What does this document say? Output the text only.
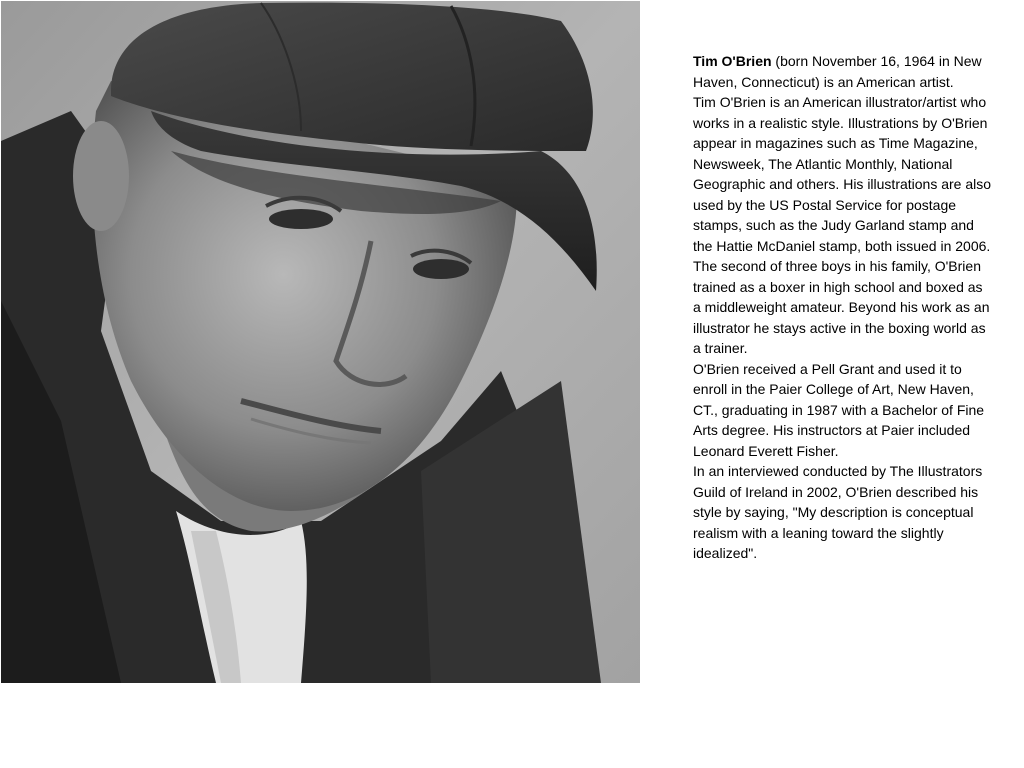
Tim O'Brien (born November 16, 1964 in New Haven, Connecticut) is an American artist.

Tim O'Brien is an American illustrator/artist who works in a realistic style. Illustrations by O'Brien appear in magazines such as Time Magazine, Newsweek, The Atlantic Monthly, National Geographic and others. His illustrations are also used by the US Postal Service for postage stamps, such as the Judy Garland stamp and the Hattie McDaniel stamp, both issued in 2006.

The second of three boys in his family, O'Brien trained as a boxer in high school and boxed as a middleweight amateur. Beyond his work as an illustrator he stays active in the boxing world as a trainer.

O'Brien received a Pell Grant and used it to enroll in the Paier College of Art, New Haven, CT., graduating in 1987 with a Bachelor of Fine Arts degree. His instructors at Paier included Leonard Everett Fisher.

In an interviewed conducted by The Illustrators Guild of Ireland in 2002, O'Brien described his style by saying, "My description is conceptual realism with a leaning toward the slightly idealized".
